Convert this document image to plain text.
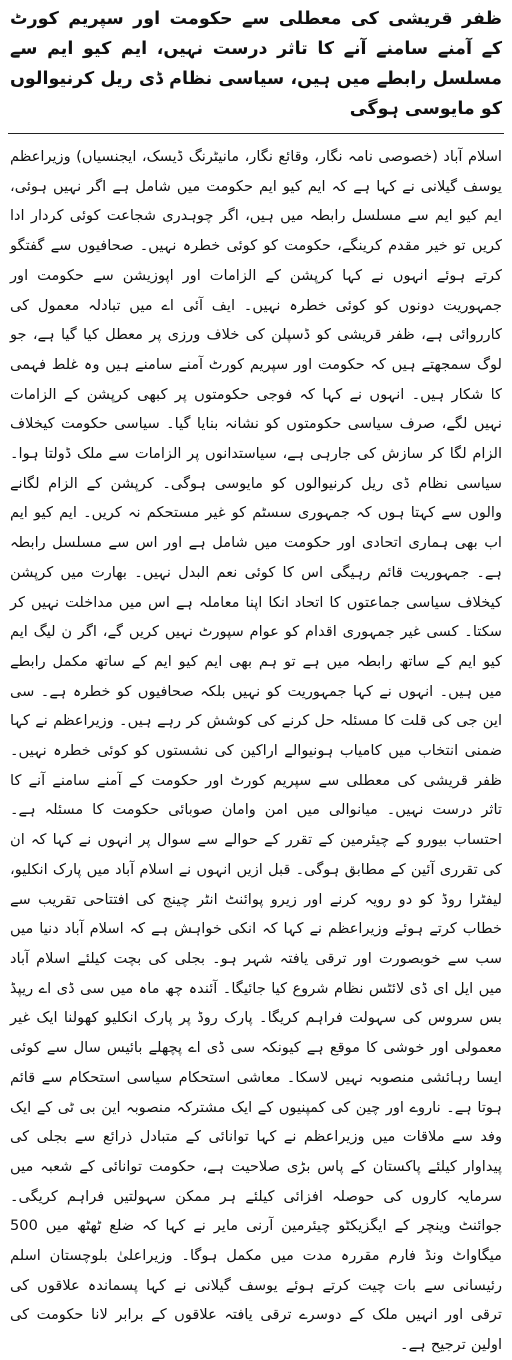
ظفر قریشی کی معطلی سے حکومت اور سپریم کورٹ کے آمنے سامنے آنے کا تاثر درست نہیں، ایم کیو ایم سے مسلسل رابطے میں ہیں، سیاسی نظام ڈی ریل کرنیوالوں کو مایوسی ہوگی

اسلام آباد (خصوصی نامہ نگار، وقائع نگار، مانیٹرنگ ڈیسک، ایجنسیاں) وزیراعظم یوسف گیلانی نے کہا ہے کہ ایم کیو ایم حکومت میں شامل ہے اگر نہیں ہوئی، ایم کیو ایم سے مسلسل رابطہ میں ہیں، اگر چوہدری شجاعت کوئی کردار ادا کریں تو خیر مقدم کرینگے، حکومت کو کوئی خطرہ نہیں۔ صحافیوں سے گفتگو کرتے ہوئے انہوں نے کہا کرپشن کے الزامات اور اپوزیشن سے حکومت اور جمہوریت دونوں کو کوئی خطرہ نہیں۔ ایف آئی اے میں تبادلہ معمول کی کارروائی ہے، ظفر قریشی کو ڈسپلن کی خلاف ورزی پر معطل کیا گیا ہے، جو لوگ سمجھتے ہیں کہ حکومت اور سپریم کورٹ آمنے سامنے ہیں وہ غلط فہمی کا شکار ہیں۔ انہوں نے کہا کہ فوجی حکومتوں پر کبھی کرپشن کے الزامات نہیں لگے، صرف سیاسی حکومتوں کو نشانہ بنایا گیا۔ سیاسی حکومت کیخلاف الزام لگا کر سازش کی جارہی ہے، سیاستدانوں پر الزامات سے ملک ڈولتا ہوا۔ سیاسی نظام ڈی ریل کرنیوالوں کو مایوسی ہوگی۔ کرپشن کے الزام لگانے والوں سے کہتا ہوں کہ جمہوری سسٹم کو غیر مستحکم نہ کریں۔ ایم کیو ایم اب بھی ہماری اتحادی اور حکومت میں شامل ہے اور اس سے مسلسل رابطہ ہے۔ جمہوریت قائم رہیگی اس کا کوئی نعم البدل نہیں۔ بھارت میں کرپشن کیخلاف سیاسی جماعتوں کا اتحاد انکا اپنا معاملہ ہے اس میں مداخلت نہیں کر سکتا۔ کسی غیر جمہوری اقدام کو عوام سپورٹ نہیں کریں گے، اگر ن لیگ ایم کیو ایم کے ساتھ رابطہ میں ہے تو ہم بھی ایم کیو ایم کے ساتھ مکمل رابطے میں ہیں۔ انہوں نے کہا جمہوریت کو نہیں بلکہ صحافیوں کو خطرہ ہے۔ سی این جی کی قلت کا مسئلہ حل کرنے کی کوشش کر رہے ہیں۔ وزیراعظم نے کہا ضمنی انتخاب میں کامیاب ہونیوالے اراکین کی نشستوں کو کوئی خطرہ نہیں۔ ظفر قریشی کی معطلی سے سپریم کورٹ اور حکومت کے آمنے سامنے آنے کا تاثر درست نہیں۔ میانوالی میں امن وامان صوبائی حکومت کا مسئلہ ہے۔ احتساب بیورو کے چیئرمین کے تقرر کے حوالے سے سوال پر انہوں نے کہا کہ ان کی تقرری آئین کے مطابق ہوگی۔ قبل ازیں انہوں نے اسلام آباد میں پارک انکلیو، لیفٹرا روڈ کو دو رویہ کرنے اور زیرو پوائنٹ انٹر چینج کی افتتاحی تقریب سے خطاب کرتے ہوئے وزیراعظم نے کہا کہ انکی خواہش ہے کہ اسلام آباد دنیا میں سب سے خوبصورت اور ترقی یافتہ شہر ہو۔ بجلی کی بچت کیلئے اسلام آباد میں ایل ای ڈی لائٹس نظام شروع کیا جائیگا۔ آئندہ چھ ماہ میں سی ڈی اے ریپڈ بس سروس کی سہولت فراہم کریگا۔ پارک روڈ پر پارک انکلیو کھولنا ایک غیر معمولی اور خوشی کا موقع ہے کیونکہ سی ڈی اے پچھلے بائیس سال سے کوئی ایسا رہائشی منصوبہ نہیں لاسکا۔ معاشی استحکام سیاسی استحکام سے قائم ہوتا ہے۔ ناروے اور چین کی کمپنیوں کے ایک مشترکہ منصوبہ این بی ٹی کے ایک وفد سے ملاقات میں وزیراعظم نے کہا توانائی کے متبادل ذرائع سے بجلی کی پیداوار کیلئے پاکستان کے پاس بڑی صلاحیت ہے، حکومت توانائی کے شعبہ میں سرمایہ کاروں کی حوصلہ افزائی کیلئے ہر ممکن سہولتیں فراہم کریگی۔ جوائنٹ وینچر کے ایگزیکٹو چیئرمین آرنی مایر نے کہا کہ ضلع ٹھٹھ میں 500 میگاواٹ ونڈ فارم مقررہ مدت میں مکمل ہوگا۔ وزیراعلیٰ بلوچستان اسلم رئیسانی سے بات چیت کرتے ہوئے یوسف گیلانی نے کہا پسماندہ علاقوں کی ترقی اور انہیں ملک کے دوسرے ترقی یافتہ علاقوں کے برابر لانا حکومت کی اولین ترجیح ہے۔
